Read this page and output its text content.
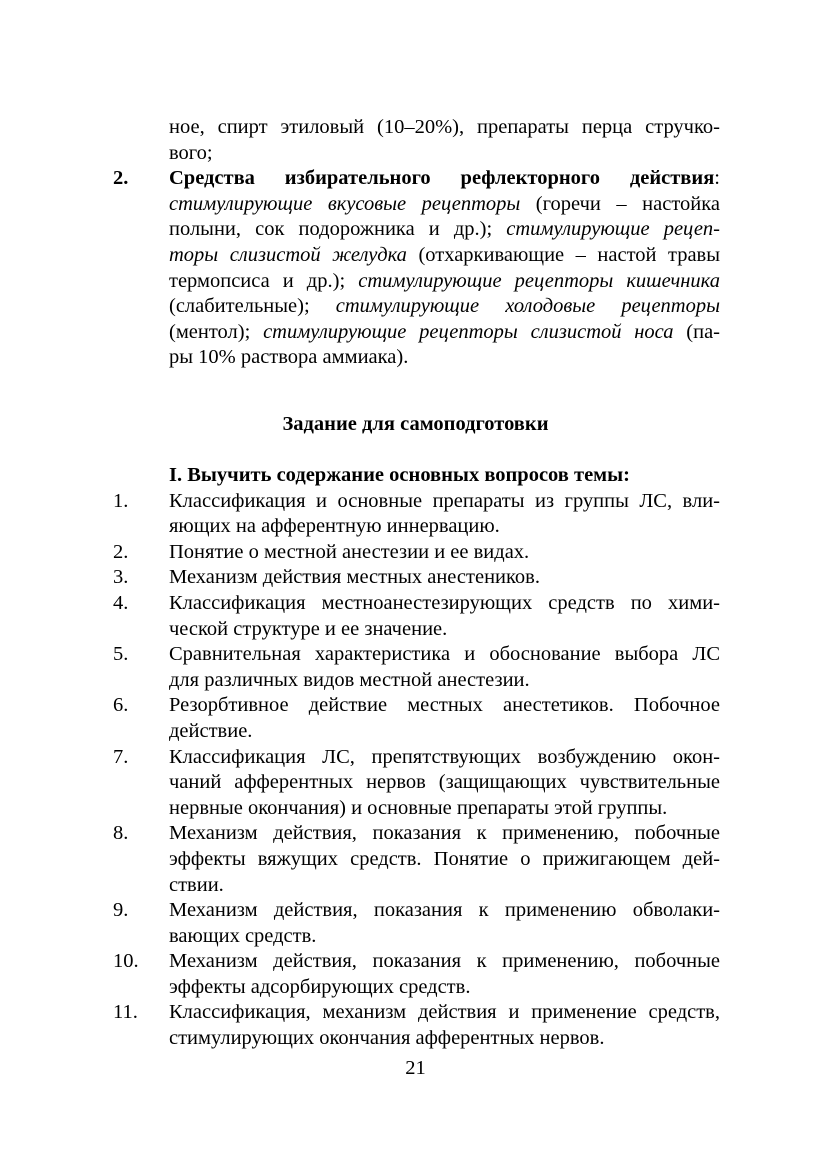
ное, спирт этиловый (10–20%), препараты перца стручко-
вого;
2. Средства избирательного рефлекторного действия:
стимулирующие вкусовые рецепторы (горечи – настойка
полыни, сок подорожника и др.); стимулирующие рецеп-
торы слизистой желудка (отхаркивающие – настой травы
термопсиса и др.); стимулирующие рецепторы кишечника
(слабительные); стимулирующие холодовые рецепторы
(ментол); стимулирующие рецепторы слизистой носа (па-
ры 10% раствора аммиака).
Задание для самоподготовки
I. Выучить содержание основных вопросов темы:
1. Классификация и основные препараты из группы ЛС, вли-
яющих на афферентную иннервацию.
2. Понятие о местной анестезии и ее видах.
3. Механизм действия местных анестеников.
4. Классификация местноанестезирующих средств по хими-
ческой структуре и ее значение.
5. Сравнительная характеристика и обоснование выбора ЛС
для различных видов местной анестезии.
6. Резорбтивное действие местных анестетиков. Побочное
действие.
7. Классификация ЛС, препятствующих возбуждению окон-
чаний афферентных нервов (защищающих чувствительные
нервные окончания) и основные препараты этой группы.
8. Механизм действия, показания к применению, побочные
эффекты вяжущих средств. Понятие о прижигающем дей-
ствии.
9. Механизм действия, показания к применению обволаки-
вающих средств.
10. Механизм действия, показания к применению, побочные
эффекты адсорбирующих средств.
11. Классификация, механизм действия и применение средств,
стимулирующих окончания афферентных нервов.
21
